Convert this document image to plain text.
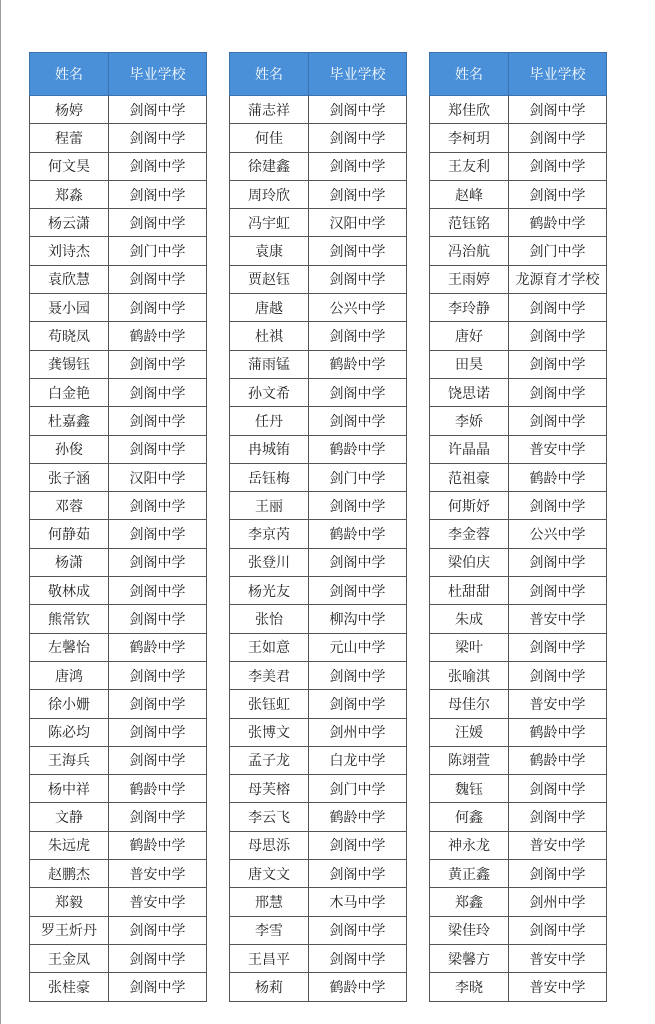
姓名	毕业学校
杨婷	剑阁中学
程蕾	剑阁中学
何文昊	剑阁中学
郑淼	剑阁中学
杨云潇	剑阁中学
刘诗杰	剑门中学
袁欣慧	剑阁中学
聂小园	剑阁中学
苟晓凤	鹤龄中学
龚锡钰	剑阁中学
白金艳	剑阁中学
杜嘉鑫	剑阁中学
孙俊	剑阁中学
张子涵	汉阳中学
邓蓉	剑阁中学
何静茹	剑阁中学
杨潇	剑阁中学
敬林成	剑阁中学
熊常钦	剑阁中学
左馨怡	鹤龄中学
唐鸿	剑阁中学
徐小姗	剑阁中学
陈必均	剑阁中学
王海兵	剑阁中学
杨中祥	鹤龄中学
文静	剑阁中学
朱远虎	鹤龄中学
赵鹏杰	普安中学
郑毅	普安中学
罗王炘丹	剑阁中学
王金凤	剑阁中学
张桂豪	剑阁中学
姓名	毕业学校
蒲志祥	剑阁中学
何佳	剑阁中学
徐建鑫	剑阁中学
周玲欣	剑阁中学
冯宇虹	汉阳中学
袁康	剑阁中学
贾赵钰	剑阁中学
唐越	公兴中学
杜祺	剑阁中学
蒲雨锰	鹤龄中学
孙文希	剑阁中学
任丹	剑阁中学
冉城铕	鹤龄中学
岳钰梅	剑门中学
王丽	剑阁中学
李京芮	鹤龄中学
张登川	剑阁中学
杨光友	剑阁中学
张怡	柳沟中学
王如意	元山中学
李美君	剑阁中学
张钰虹	剑阁中学
张博文	剑州中学
孟子龙	白龙中学
母芙榕	剑门中学
李云飞	鹤龄中学
母思泺	剑阁中学
唐文文	剑阁中学
邢慧	木马中学
李雪	剑阁中学
王昌平	剑阁中学
杨莉	鹤龄中学
姓名	毕业学校
郑佳欣	剑阁中学
李柯玥	剑阁中学
王友利	剑阁中学
赵峰	剑阁中学
范钰铭	鹤龄中学
冯治航	剑门中学
王雨婷	龙源育才学校
李玲静	剑阁中学
唐好	剑阁中学
田昊	剑阁中学
饶思诺	剑阁中学
李娇	剑阁中学
许晶晶	普安中学
范祖豪	鹤龄中学
何斯妤	剑阁中学
李金蓉	公兴中学
梁伯庆	剑阁中学
杜甜甜	剑阁中学
朱成	普安中学
梁叶	剑阁中学
张喻淇	剑阁中学
母佳尔	普安中学
汪媛	鹤龄中学
陈翊萱	鹤龄中学
魏钰	剑阁中学
何鑫	剑阁中学
神永龙	普安中学
黄正鑫	剑阁中学
郑鑫	剑州中学
梁佳玲	剑阁中学
梁馨方	普安中学
李晓	普安中学
